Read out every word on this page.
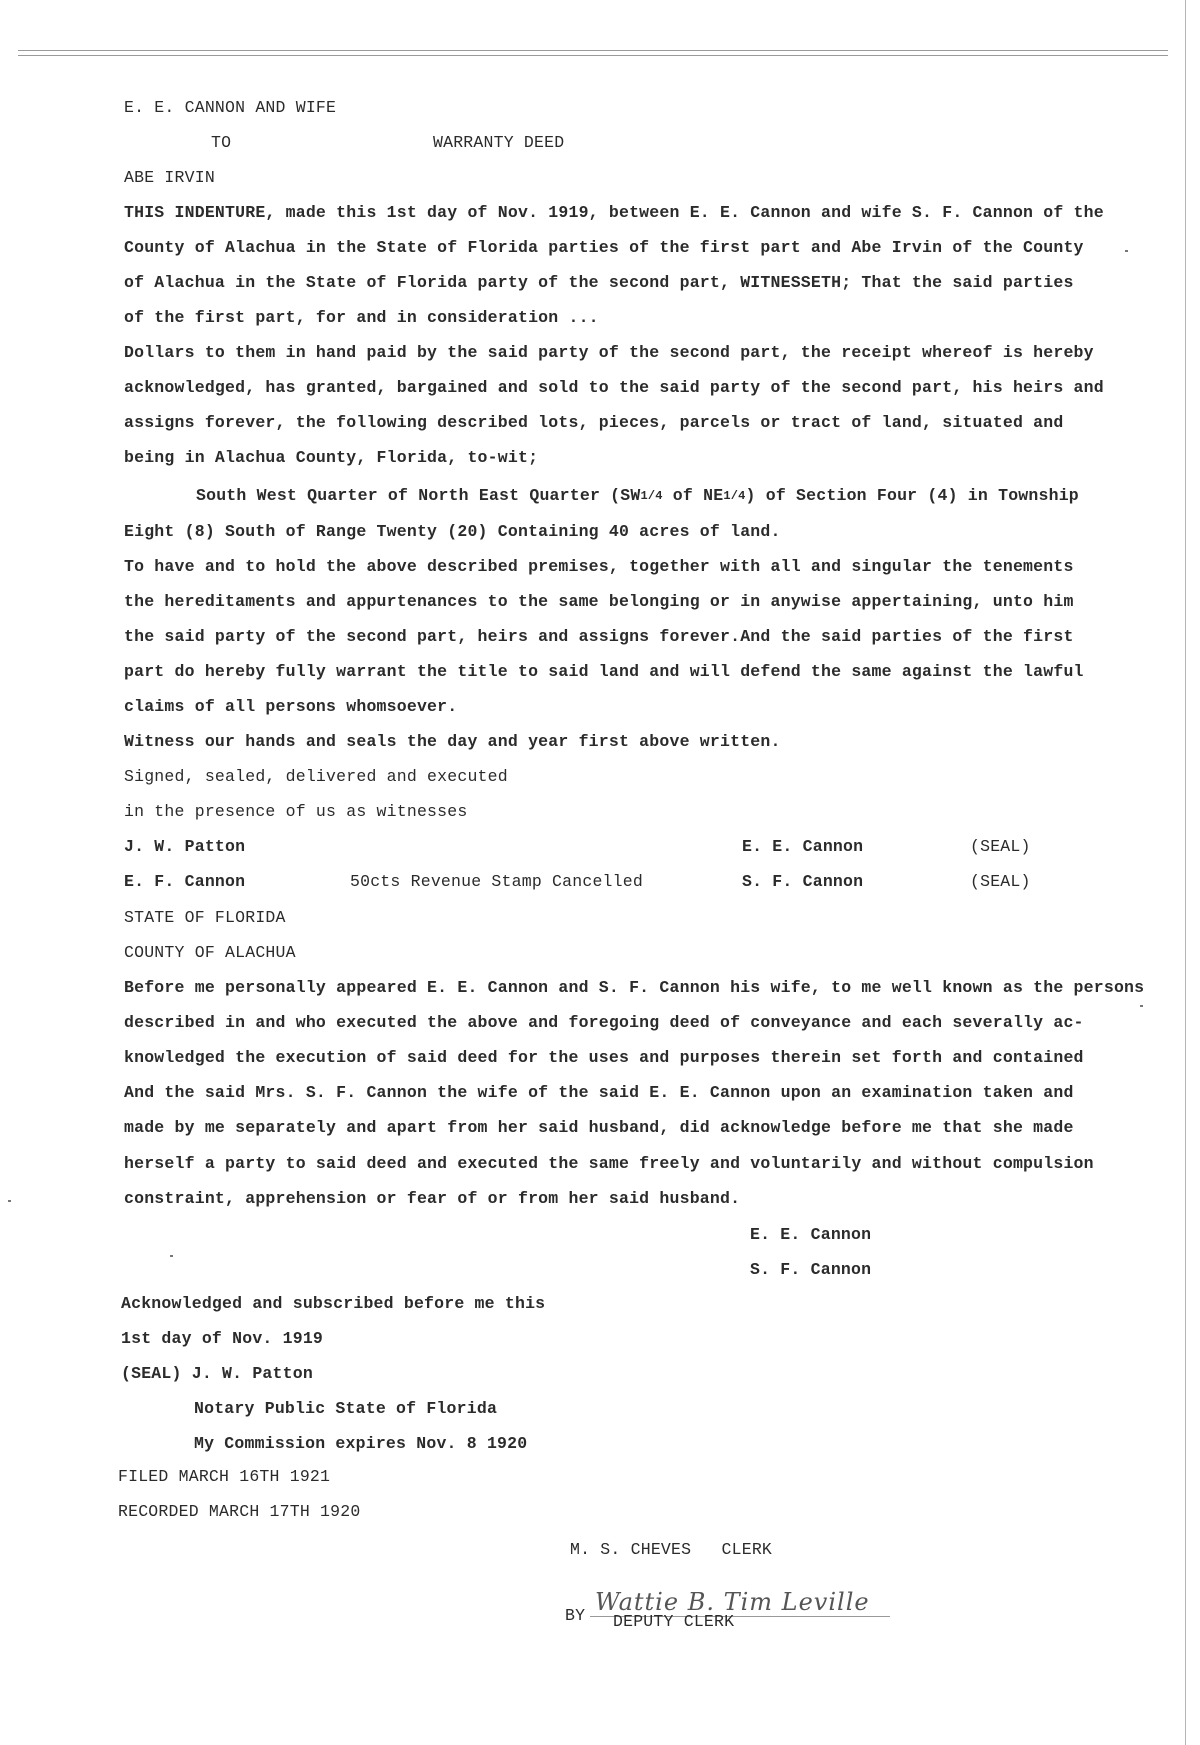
E. E. CANNON AND WIFE
TO	WARRANTY DEED
ABE IRVIN
THIS INDENTURE, made this 1st day of Nov. 1919, between E. E. Cannon and wife S. F. Cannon of the
County of Alachua in the State of Florida parties of the first part and Abe Irvin of the County
of Alachua in the State of Florida party of the second part, WITNESSETH; That the said parties
of the first part, for and in consideration ...
Dollars to them in hand paid by the said party of the second part, the receipt whereof is hereby
acknowledged, has granted, bargained and sold to the said party of the second part, his heirs and
assigns forever, the following described lots, pieces, parcels or tract of land, situated and
being in Alachua County, Florida, to-wit;
South West Quarter of North East Quarter ($SW^{1/4}$ of $NE^{1/4}$) of Section Four (4) in Township
Eight (8) South of Range Twenty (20) Containing 40 acres of land.
To have and to hold the above described premises, together with all and singular the tenements
the hereditaments and appurtenances to the same belonging or in anywise appertaining, unto him
the said party of the second part, heirs and assigns forever.And the said parties of the first
part do hereby fully warrant the title to said land and will defend the same against the lawful
claims of all persons whomsoever.
Witness our hands and seals the day and year first above written.
Signed, sealed, delivered and executed
in the presence of us as witnesses
J. W. Patton	E. E. Cannon	(SEAL)
E. F. Cannon	50cts Revenue Stamp Cancelled	S. F. Cannon	(SEAL)
STATE OF FLORIDA
COUNTY OF ALACHUA
Before me personally appeared E. E. Cannon and S. F. Cannon his wife, to me well known as the persons
described in and who executed the above and foregoing deed of conveyance and each severally ac-
knowledged the execution of said deed for the uses and purposes therein set forth and contained
And the said Mrs. S. F. Cannon the wife of the said E. E. Cannon upon an examination taken and
made by me separately and apart from her said husband, did acknowledge before me that she made
herself a party to said deed and executed the same freely and voluntarily and without compulsion
constraint, apprehension or fear of or from her said husband.
E. E. Cannon
S. F. Cannon
Acknowledged and subscribed before me this
1st day of Nov. 1919
(SEAL) J. W. Patton
Notary Public State of Florida
My Commission expires Nov. 8 1920
FILED MARCH 16TH 1921
RECORDED MARCH 17TH 1920
M. S. CHEVES   CLERK
BY Wattie B. Tim Leville
DEPUTY CLERK
